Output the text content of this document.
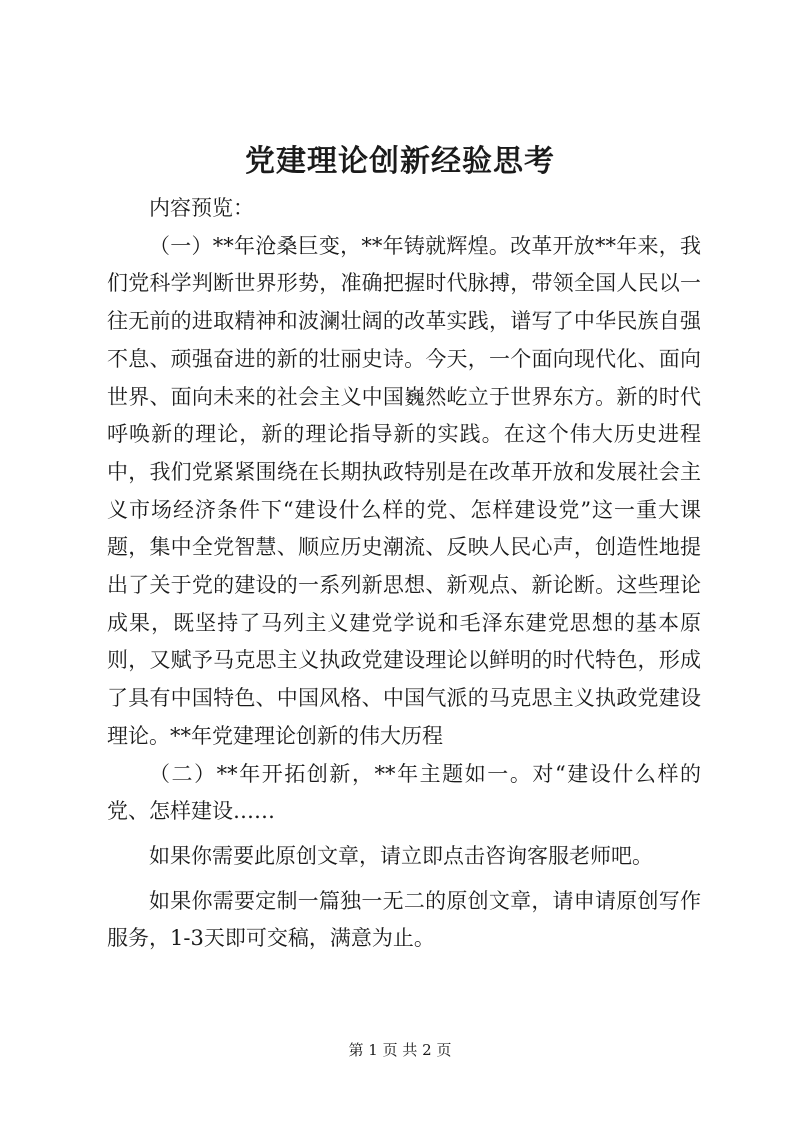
党建理论创新经验思考

内容预览：

（一）**年沧桑巨变，**年铸就辉煌。改革开放**年来，我们党科学判断世界形势，准确把握时代脉搏，带领全国人民以一往无前的进取精神和波澜壮阔的改革实践，谱写了中华民族自强不息、顽强奋进的新的壮丽史诗。今天，一个面向现代化、面向世界、面向未来的社会主义中国巍然屹立于世界东方。新的时代呼唤新的理论，新的理论指导新的实践。在这个伟大历史进程中，我们党紧紧围绕在长期执政特别是在改革开放和发展社会主义市场经济条件下“建设什么样的党、怎样建设党”这一重大课题，集中全党智慧、顺应历史潮流、反映人民心声，创造性地提出了关于党的建设的一系列新思想、新观点、新论断。这些理论成果，既坚持了马列主义建党学说和毛泽东建党思想的基本原则，又赋予马克思主义执政党建设理论以鲜明的时代特色，形成了具有中国特色、中国风格、中国气派的马克思主义执政党建设理论。**年党建理论创新的伟大历程

（二）**年开拓创新，**年主题如一。对“建设什么样的党、怎样建设……

如果你需要此原创文章，请立即点击咨询客服老师吧。

如果你需要定制一篇独一无二的原创文章，请申请原创写作服务，1-3天即可交稿，满意为止。

第 1 页 共 2 页
